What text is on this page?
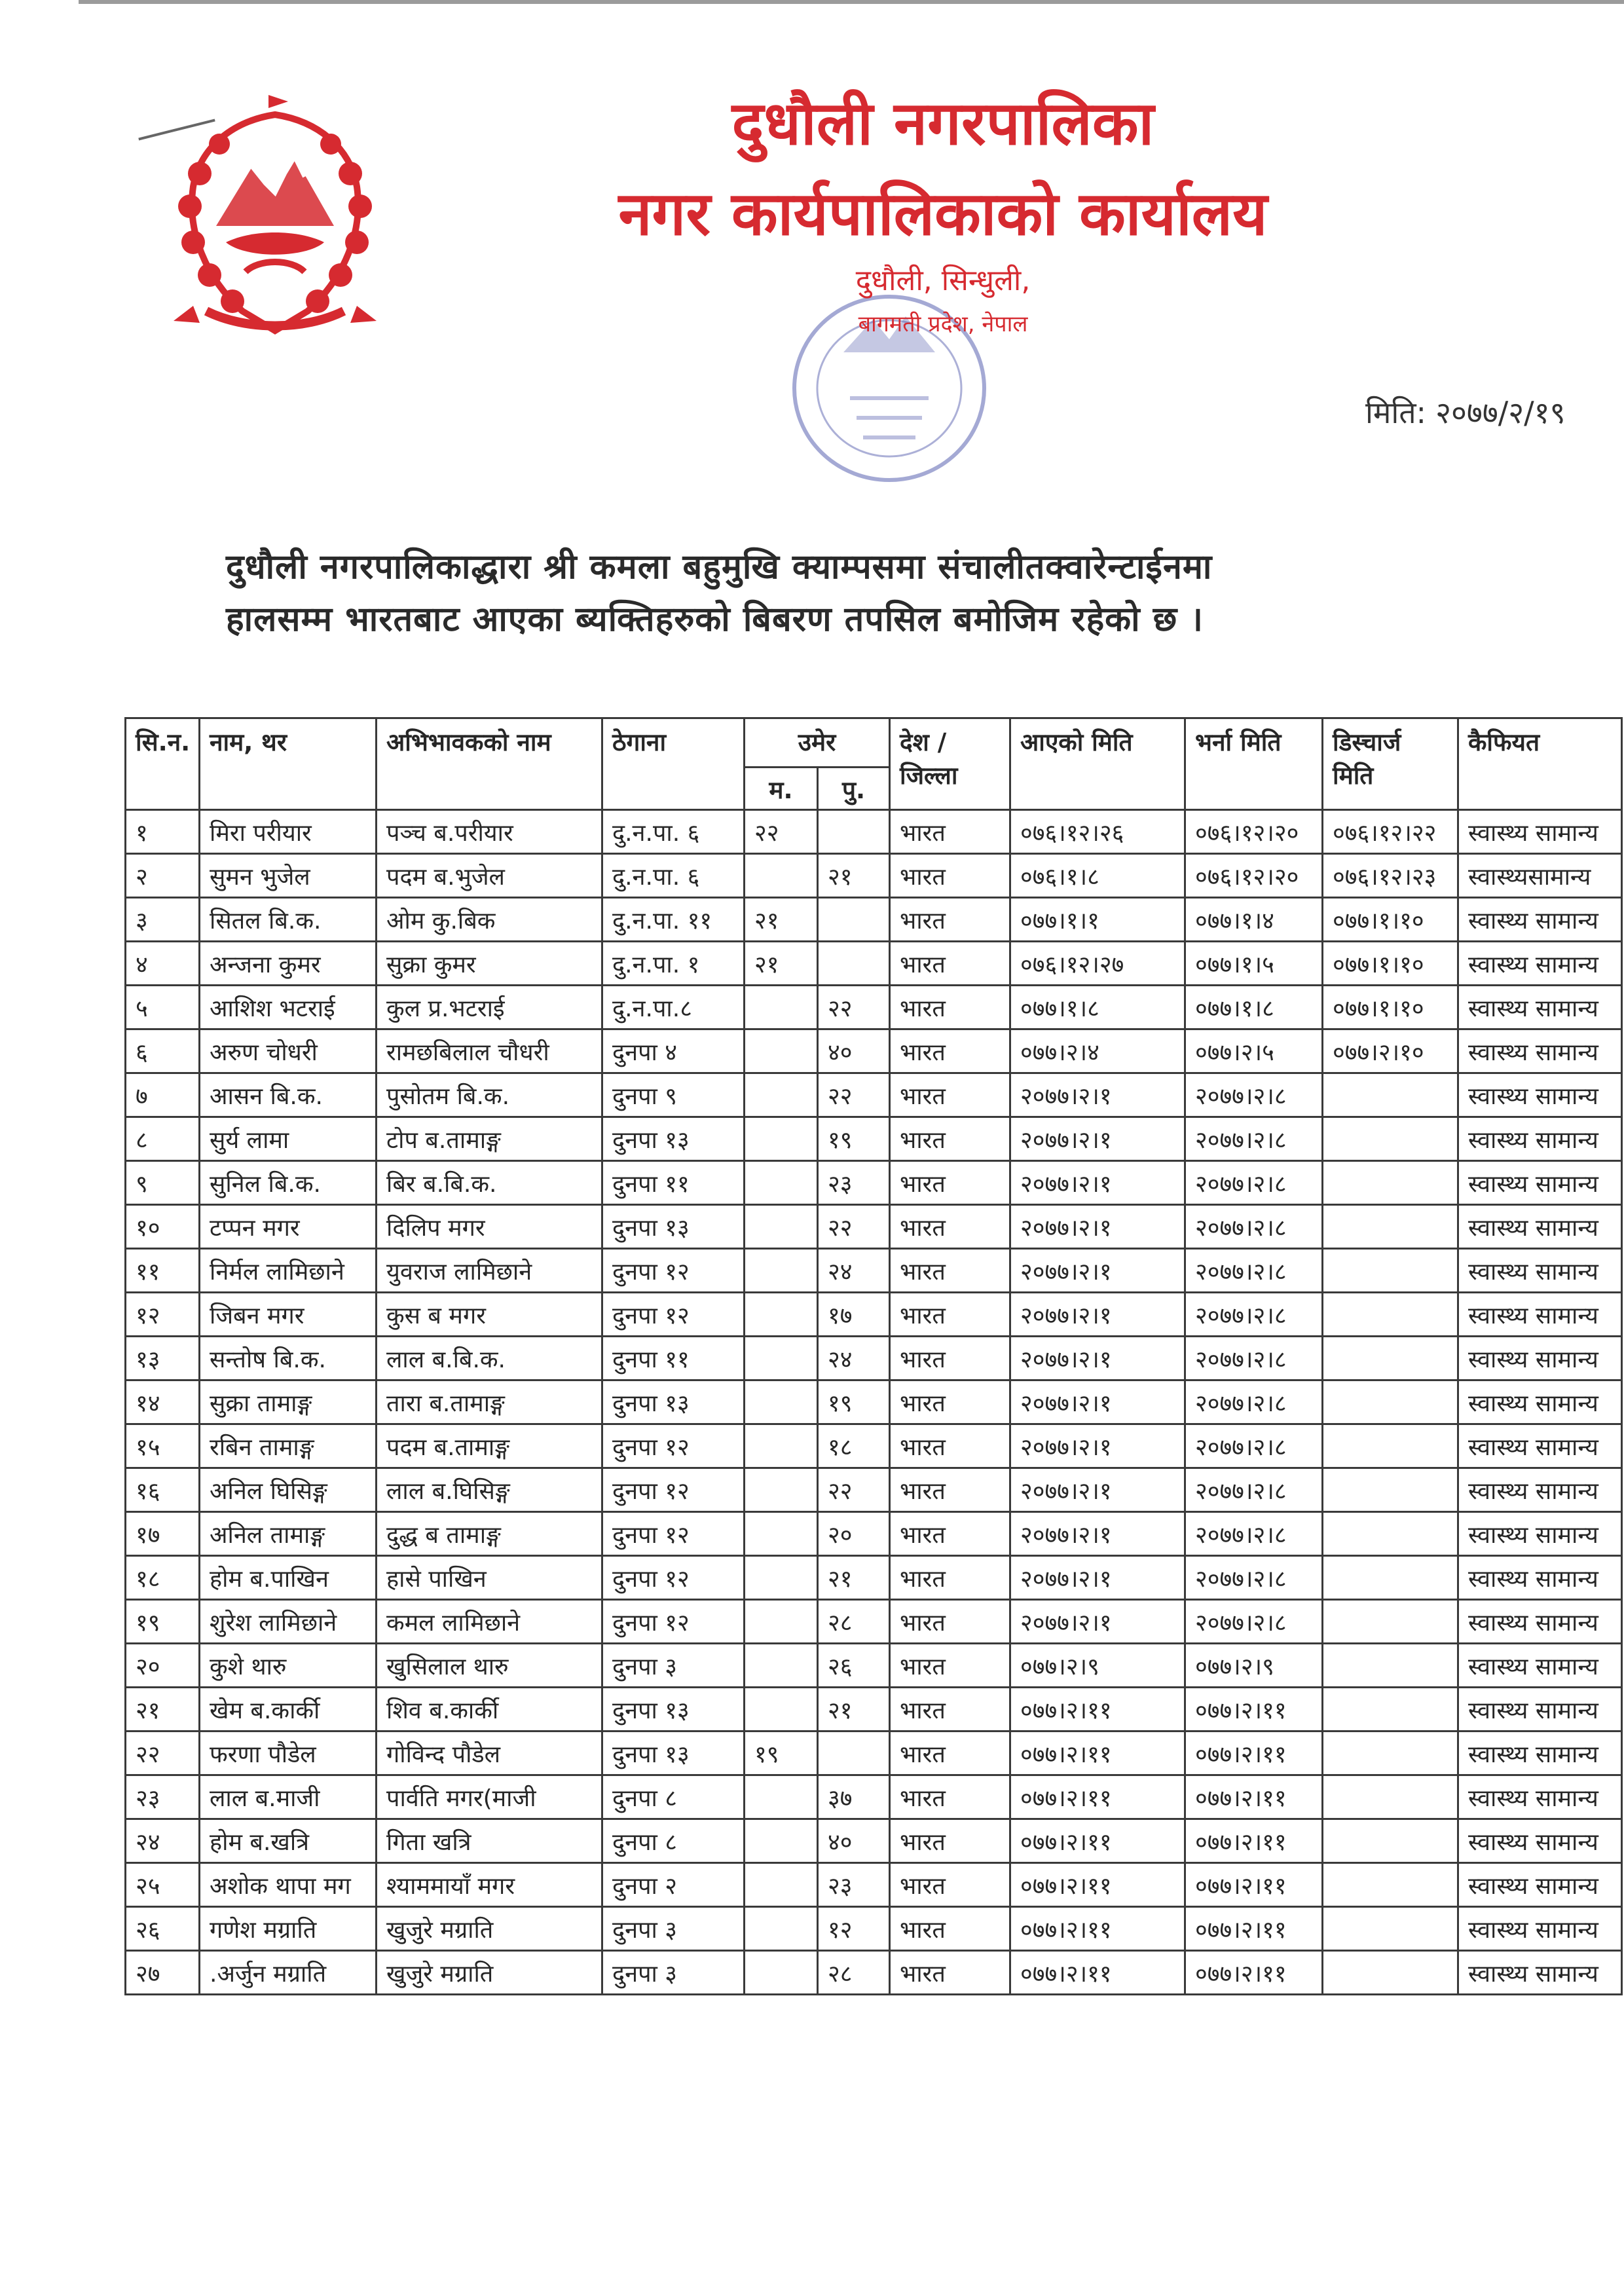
दुधौली नगरपालिका
नगर कार्यपालिकाको कार्यालय
दुधौली, सिन्धुली,
बागमती प्रदेश, नेपाल
मिति: २०७७/२/१९
दुधौली नगरपालिकाद्धारा श्री कमला बहुमुखि क्याम्पसमा संचालीतक्वारेन्टाईनमा
हालसम्म भारतबाट आएका ब्यक्तिहरुको बिबरण तपसिल बमोजिम रहेको छ ।
सि.न.	नाम, थर	अभिभावकको नाम	ठेगाना	उमेर		देश / जिल्ला	आएको मिति	भर्ना मिति	डिस्चार्ज मिति	कैफियत
				म.	पु.					
१	मिरा परीयार	पञ्च ब.परीयार	दु.न.पा. ६	२२		भारत	०७६।१२।२६	०७६।१२।२०	०७६।१२।२२	स्वास्थ्य सामान्य
२	सुमन भुजेल	पदम ब.भुजेल	दु.न.पा. ६		२१	भारत	०७६।१।८	०७६।१२।२०	०७६।१२।२३	स्वास्थ्यसामान्य
३	सितल बि.क.	ओम कु.बिक	दु.न.पा. ११	२१		भारत	०७७।१।१	०७७।१।४	०७७।१।१०	स्वास्थ्य सामान्य
४	अन्जना कुमर	सुक्रा कुमर	दु.न.पा. १	२१		भारत	०७६।१२।२७	०७७।१।५	०७७।१।१०	स्वास्थ्य सामान्य
५	आशिश भटराई	कुल प्र.भटराई	दु.न.पा.८		२२	भारत	०७७।१।८	०७७।१।८	०७७।१।१०	स्वास्थ्य सामान्य
६	अरुण चोधरी	रामछबिलाल चौधरी	दुनपा ४		४०	भारत	०७७।२।४	०७७।२।५	०७७।२।१०	स्वास्थ्य सामान्य
७	आसन बि.क.	पुसोतम बि.क.	दुनपा ९		२२	भारत	२०७७।२।१	२०७७।२।८		स्वास्थ्य सामान्य
८	सुर्य लामा	टोप ब.तामाङ्ग	दुनपा १३		१९	भारत	२०७७।२।१	२०७७।२।८		स्वास्थ्य सामान्य
९	सुनिल बि.क.	बिर ब.बि.क.	दुनपा ११		२३	भारत	२०७७।२।१	२०७७।२।८		स्वास्थ्य सामान्य
१०	टप्पन मगर	दिलिप मगर	दुनपा १३		२२	भारत	२०७७।२।१	२०७७।२।८		स्वास्थ्य सामान्य
११	निर्मल लामिछाने	युवराज लामिछाने	दुनपा १२		२४	भारत	२०७७।२।१	२०७७।२।८		स्वास्थ्य सामान्य
१२	जिबन मगर	कुस ब मगर	दुनपा १२		१७	भारत	२०७७।२।१	२०७७।२।८		स्वास्थ्य सामान्य
१३	सन्तोष बि.क.	लाल ब.बि.क.	दुनपा ११		२४	भारत	२०७७।२।१	२०७७।२।८		स्वास्थ्य सामान्य
१४	सुक्रा तामाङ्ग	तारा ब.तामाङ्ग	दुनपा १३		१९	भारत	२०७७।२।१	२०७७।२।८		स्वास्थ्य सामान्य
१५	रबिन तामाङ्ग	पदम ब.तामाङ्ग	दुनपा १२		१८	भारत	२०७७।२।१	२०७७।२।८		स्वास्थ्य सामान्य
१६	अनिल घिसिङ्ग	लाल ब.घिसिङ्ग	दुनपा १२		२२	भारत	२०७७।२।१	२०७७।२।८		स्वास्थ्य सामान्य
१७	अनिल तामाङ्ग	दुद्ध ब तामाङ्ग	दुनपा १२		२०	भारत	२०७७।२।१	२०७७।२।८		स्वास्थ्य सामान्य
१८	होम ब.पाखिन	हासे पाखिन	दुनपा १२		२१	भारत	२०७७।२।१	२०७७।२।८		स्वास्थ्य सामान्य
१९	शुरेश लामिछाने	कमल लामिछाने	दुनपा १२		२८	भारत	२०७७।२।१	२०७७।२।८		स्वास्थ्य सामान्य
२०	कुशे थारु	खुसिलाल थारु	दुनपा ३		२६	भारत	०७७।२।९	०७७।२।९		स्वास्थ्य सामान्य
२१	खेम ब.कार्की	शिव ब.कार्की	दुनपा १३		२१	भारत	०७७।२।११	०७७।२।११		स्वास्थ्य सामान्य
२२	फरणा पौडेल	गोविन्द पौडेल	दुनपा १३	१९		भारत	०७७।२।११	०७७।२।११		स्वास्थ्य सामान्य
२३	लाल ब.माजी	पार्वति मगर(माजी	दुनपा ८		३७	भारत	०७७।२।११	०७७।२।११		स्वास्थ्य सामान्य
२४	होम ब.खत्रि	गिता खत्रि	दुनपा ८		४०	भारत	०७७।२।११	०७७।२।११		स्वास्थ्य सामान्य
२५	अशोक थापा मग	श्याममायाँ मगर	दुनपा २		२३	भारत	०७७।२।११	०७७।२।११		स्वास्थ्य सामान्य
२६	गणेश मग्राति	खुजुरे मग्राति	दुनपा ३		१२	भारत	०७७।२।११	०७७।२।११		स्वास्थ्य सामान्य
२७	.अर्जुन मग्राति	खुजुरे मग्राति	दुनपा ३		२८	भारत	०७७।२।११	०७७।२।११		स्वास्थ्य सामान्य
